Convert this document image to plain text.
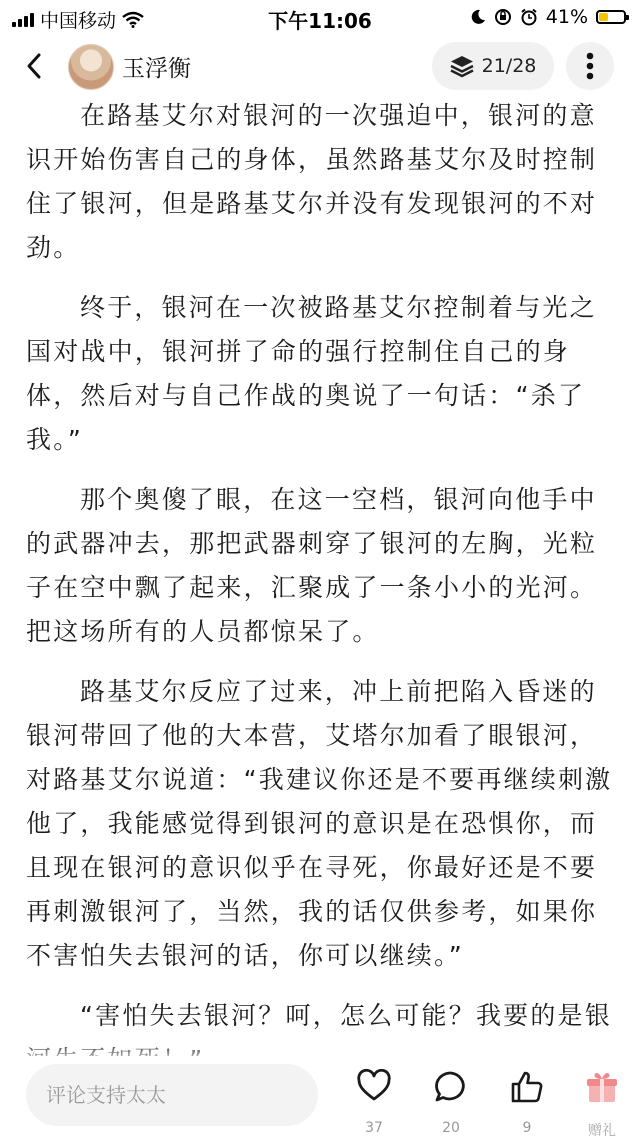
中国移动	下午11:06	41%
玉浮衡	21/28

在路基艾尔对银河的一次强迫中，银河的意识开始伤害自己的身体，虽然路基艾尔及时控制住了银河，但是路基艾尔并没有发现银河的不对劲。

终于，银河在一次被路基艾尔控制着与光之国对战中，银河拼了命的强行控制住自己的身体，然后对与自己作战的奥说了一句话：“杀了我。”

那个奥傻了眼，在这一空档，银河向他手中的武器冲去，那把武器刺穿了银河的左胸，光粒子在空中飘了起来，汇聚成了一条小小的光河。把这场所有的人员都惊呆了。

路基艾尔反应了过来，冲上前把陷入昏迷的银河带回了他的大本营，艾塔尔加看了眼银河，对路基艾尔说道：“我建议你还是不要再继续刺激他了，我能感觉得到银河的意识是在恐惧你，而且现在银河的意识似乎在寻死，你最好还是不要再刺激银河了，当然，我的话仅供参考，如果你不害怕失去银河的话，你可以继续。”

“害怕失去银河？呵，怎么可能？我要的是银

评论支持太太
37	20	9	赠礼
